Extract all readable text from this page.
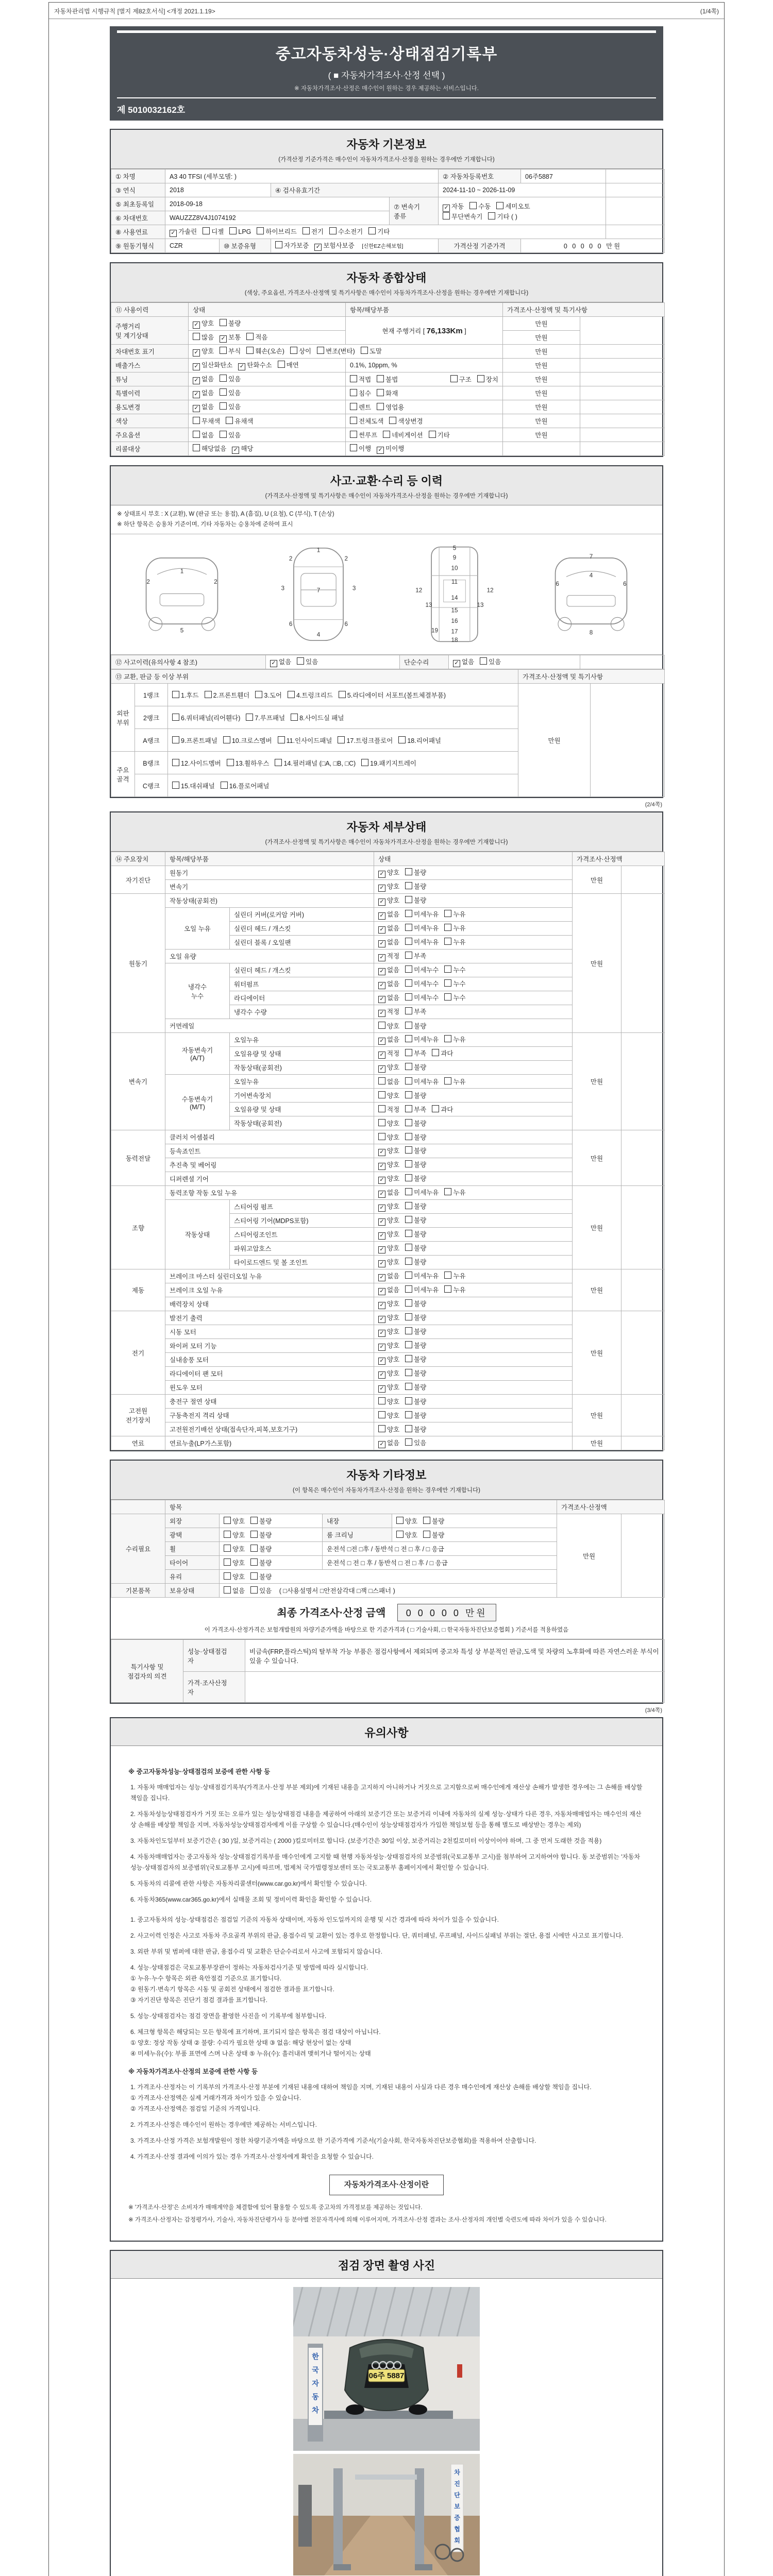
자동차관리법 시행규칙 [별지 제82호서식] <개정 2021.1.19>	(1/4쪽)
중고자동차성능·상태점검기록부
( ■ 자동차가격조사·산정 선택 )
※ 자동차가격조사·산정은 매수인이 원하는 경우 제공하는 서비스입니다.
제 5010032162호
자동차 기본정보
(가격산정 기준가격은 매수인이 자동차가격조사·산정을 원하는 경우에만 기재합니다)
① 차명	A3 40 TFSI (세부모델: )				② 자동차등록번호	06주5887	
③ 연식	2018		④ 검사유효기간		2024-11-10 ~ 2026-11-09		
⑤ 최초등록일	2018-09-18			⑦ 변속기 종류	✓ 자동 수동 세미오토
무단변속기 기타 ( )		
⑥ 차대번호	WAUZZZ8V4J1074192						
⑧ 사용연료	✓ 가솔린 디젤 LPG 하이브리드 전기 수소전기 기타						
⑨ 원동기형식	CZR	⑩ 보증유형	자가보증 ✓ 보험사보증 [신한EZ손해보험]		가격산정 기준가격	0 0 0 0 0 만원	
자동차 종합상태
(색상, 주요옵션, 가격조사·산정액 및 특기사항은 매수인이 자동차가격조사·산정을 원하는 경우에만 기재합니다)
⑪ 사용이력	상태	항목/해당부품	가격조사·산정액 및 특기사항	
주행거리
및 계기상태	✓ 양호 불량	현재 주행거리 [ 76,133Km ]	만원	
	많음 ✓ 보통 적음		만원	
차대번호 표기	✓ 양호 부식 훼손(오손) 상이 변조(변타) 도말		만원	
배출가스	✓ 일산화탄소 ✓ 탄화수소 매연	0.1%, 10ppm, %	만원	
튜닝	✓ 없음 있음	적법 불법 구조 장치	만원	
특별이력	✓ 없음 있음	침수 화재	만원	
용도변경	✓ 없음 있음	렌트 영업용	만원	
색상	무채색 유채색	전체도색 색상변경	만원	
주요옵션	없음 있음	썬루프 네비게이션 기타	만원	
리콜대상	해당없음 ✓ 해당	이행 ✓ 미이행		
사고·교환·수리 등 이력
(가격조사·산정액 및 특기사항은 매수인이 자동차가격조사·산정을 원하는 경우에만 기재합니다)
※ 상태표시 부호 : X (교환), W (판금 또는 용접), A (흠집), U (요철), C (부식), T (손상)
※ 하단 항목은 승용차 기준이며, 기타 자동차는 승용차에 준하여 표시
2
1
2
5
1
2	2
3	3
7
6	6
4
5
9
10
11
12	12
13	13
14
15
16
19 17
18
7
4
6	6
8
⑫ 사고이력(유의사항 4 참조)	✓ 없음 있음	단순수리	✓ 없음 있음	
⑬ 교환, 판금 등 이상 부위			가격조사·산정액 및 특기사항	
외판
부위	1랭크	1.후드 2.프론트휀더 3.도어 4.트렁크리드 5.라디에이터 서포트(볼트체결부품)	만원	
	2랭크	6.쿼터패널(리어휀다) 7.루프패널 8.사이드실 패널		
	A랭크	9.프론트패널 10.크로스멤버 11.인사이드패널 17.트렁크플로어 18.리어패널		
주요
골격	B랭크	12.사이드멤버 13.휠하우스 14.필러패널 (□A, □B, □C) 19.패키지트레이		
	C랭크	15.대쉬패널 16.플로어패널		
(2/4쪽)
자동차 세부상태
(가격조사·산정액 및 특기사항은 매수인이 자동차가격조사·산정을 원하는 경우에만 기재합니다)
⑭ 주요장치	항목/해당부품		상태	가격조사·산정액	
자기진단	원동기		✓ 양호 불량	만원	
	변속기		✓ 양호 불량		
원동기	작동상태(공회전)		✓ 양호 불량	만원	
	오일 누유	실린더 커버(로커암 커버)	✓ 없음 미세누유 누유		
		실린더 헤드 / 개스킷	✓ 없음 미세누유 누유		
		실린더 블록 / 오일팬	✓ 없음 미세누유 누유		
	오일 유량		✓ 적정 부족		
	냉각수
누수	실린더 헤드 / 개스킷	✓ 없음 미세누수 누수		
		워터펌프	✓ 없음 미세누수 누수		
		라디에이터	✓ 없음 미세누수 누수		
		냉각수 수량	✓ 적정 부족		
	커먼레일		양호 불량		
변속기	자동변속기
(A/T)	오일누유	✓ 없음 미세누유 누유	만원	
		오일유량 및 상태	✓ 적정 부족 과다		
		작동상태(공회전)	✓ 양호 불량		
	수동변속기
(M/T)	오일누유	없음 미세누유 누유		
		기어변속장치	양호 불량		
		오일유량 및 상태	적정 부족 과다		
		작동상태(공회전)	양호 불량		
동력전달	클러치 어셈블리		양호 불량	만원	
	등속죠인트		✓ 양호 불량		
	추진축 및 베어링		✓ 양호 불량		
	디퍼렌셜 기어		✓ 양호 불량		
조향	동력조향 작동 오일 누유		✓ 없음 미세누유 누유	만원	
	작동상태	스티어링 펌프	✓ 양호 불량		
		스티어링 기어(MDPS포함)	✓ 양호 불량		
		스티어링조인트	✓ 양호 불량		
		파워고압호스	✓ 양호 불량		
		타이로드엔드 및 볼 조인트	✓ 양호 불량		
제동	브레이크 마스터 실린더오일 누유		✓ 없음 미세누유 누유	만원	
	브레이크 오일 누유		✓ 없음 미세누유 누유		
	배력장치 상태		✓ 양호 불량		
전기	발전기 출력		✓ 양호 불량	만원	
	시동 모터		✓ 양호 불량		
	와이퍼 모터 기능		✓ 양호 불량		
	실내송풍 모터		✓ 양호 불량		
	라디에이터 팬 모터		✓ 양호 불량		
	윈도우 모터		✓ 양호 불량		
고전원
전기장치	충전구 절연 상태		양호 불량	만원	
	구동축전지 격리 상태		양호 불량		
	고전원전기배선 상태(접속단자,피복,보호기구)		양호 불량		
연료	연료누출(LP가스포함)		✓ 없음 있음	만원	
자동차 기타정보
(이 항목은 매수인이 자동차가격조사·산정을 원하는 경우에만 기재합니다)
	항목				가격조사·산정액	
수리필요	외장	양호 불량	내장	양호 불량	만원	
	광택	양호 불량	룸 크리닝	양호 불량		
	휠	양호 불량	운전석 □전 □후 / 동반석 □ 전 □ 후 / □ 응급			
	타이어	양호 불량	운전석 □ 전 □ 후 / 동반석 □ 전 □ 후 / □ 응급			
	유리	양호 불량				
기본품목	보유상태	없음 있음 ( □사용설명서 □안전삼각대 □잭 □스패너 )				
최종 가격조사·산정 금액 0 0 0 0 0 만원
이 가격조사·산정가격은 보험개발원의 차량기준가액을 바탕으로 한 기준가격과 ( □ 기술사회, □ 한국자동차진단보증협회 ) 기준서를 적용하였음
특기사항 및
점검자의 의견	성능·상태점검
자	비금속(FRP,플라스틱)의 탈부착 가능 부품은 점검사항에서 제외되며 중고차 특성 상 부분적인 판금,도색 및 차량의 노후화에 따른 자연스러운 부식이 있을 수 있습니다.
	가격·조사산정
자	
(3/4쪽)
유의사항
※ 중고자동차성능·상태점검의 보증에 관한 사항 등
1. 자동차 매매업자는 성능·상태점검기록부(가격조사·산정 부분 제외)에 기재된 내용을 고지하지 아니하거나 거짓으로 고지함으로써 매수인에게 재산상 손해가 발생한 경우에는 그 손해를 배상할 책임을 집니다.
2. 자동차성능상태점검자가 거짓 또는 오류가 있는 성능상태점검 내용을 제공하여 아래의 보증기간 또는 보증거리 이내에 자동차의 실제 성능·상태가 다른 경우, 자동차매매업자는 매수인의 재산상 손해를 배상할 책임을 지며, 자동차성능상태점검자에게 이를 구상할 수 있습니다.(매수인이 성능상태점검자가 가입한 책임보험 등을 통해 별도로 배상받는 경우는 제외)
3. 자동차인도일부터 보증기간은 ( 30 )일, 보증거리는 ( 2000 )킬로미터로 합니다. (보증기간은 30일 이상, 보증거리는 2천킬로미터 이상이어야 하며, 그 중 먼저 도래한 것을 적용)
4. 자동차매매업자는 중고자동차 성능·상태점검기록부를 매수인에게 고지할 때 현행 자동차성능·상태점검자의 보증범위(국토교통부 고시)를 첨부하여 고지하여야 합니다. 동 보증범위는 '자동차성능·상태점검자의 보증범위'(국토교통부 고시)에 따르며, 법제처 국가법령정보센터 또는 국토교통부 홈페이지에서 확인할 수 있습니다.
5. 자동차의 리콜에 관한 사항은 자동차리콜센터(www.car.go.kr)에서 확인할 수 있습니다.
6. 자동차365(www.car365.go.kr)에서 실매물 조회 및 정비이력 확인을 확인할 수 있습니다.
1. 중고자동차의 성능·상태점검은 점검일 기준의 자동차 상태이며, 자동차 인도일까지의 운행 및 시간 경과에 따라 차이가 있을 수 있습니다.
2. 사고이력 인정은 사고로 자동차 주요골격 부위의 판금, 용접수리 및 교환이 있는 경우로 한정합니다. 단, 쿼터패널, 루프패널, 사이드실패널 부위는 절단, 용접 시에만 사고로 표기합니다.
3. 외판 부위 및 범퍼에 대한 판금, 용접수리 및 교환은 단순수리로서 사고에 포함되지 않습니다.
4. 성능·상태점검은 국토교통부장관이 정하는 자동차검사기준 및 방법에 따라 실시합니다.
① 누유·누수 항목은 외관 육안점검 기준으로 표기합니다.
② 원동기·변속기 항목은 시동 및 공회전 상태에서 점검한 결과를 표기합니다.
③ 자기진단 항목은 진단기 점검 결과를 표기합니다.
5. 성능·상태점검자는 점검 장면을 촬영한 사진을 이 기록부에 첨부합니다.
6. 체크형 항목은 해당되는 모든 항목에 표기하며, 표기되지 않은 항목은 점검 대상이 아닙니다.
① 양호: 정상 작동 상태 ② 불량: 수리가 필요한 상태 ③ 없음: 해당 현상이 없는 상태
④ 미세누유(수): 부품 표면에 스며 나온 상태 ⑤ 누유(수): 흘러내려 맺히거나 떨어지는 상태
※ 자동차가격조사·산정의 보증에 관한 사항 등
1. 가격조사·산정자는 이 기록부의 가격조사·산정 부분에 기재된 내용에 대하여 책임을 지며, 기재된 내용이 사실과 다른 경우 매수인에게 재산상 손해를 배상할 책임을 집니다.
① 가격조사·산정액은 실제 거래가격과 차이가 있을 수 있습니다.
② 가격조사·산정액은 점검일 기준의 가격입니다.
2. 가격조사·산정은 매수인이 원하는 경우에만 제공하는 서비스입니다.
3. 가격조사·산정 가격은 보험개발원이 정한 차량기준가액을 바탕으로 한 기준가격에 기준서(기술사회, 한국자동차진단보증협회)를 적용하여 산출합니다.
4. 가격조사·산정 결과에 이의가 있는 경우 가격조사·산정자에게 확인을 요청할 수 있습니다.
자동차가격조사·산정이란
※ '가격조사·산정'은 소비자가 매매계약을 체결함에 있어 활용할 수 있도록 중고차의 가격정보를 제공하는 것입니다.
※ 가격조사·산정자는 감정평가사, 기술사, 자동차진단평가사 등 분야별 전문자격사에 의해 이루어지며, 가격조사·산정 결과는 조사·산정자의 개인별 숙련도에 따라 차이가 있을 수 있습니다.
점검 장면 촬영 사진
한
국
자
동
차
06주 5887
차
진
단
보
증
협
회
